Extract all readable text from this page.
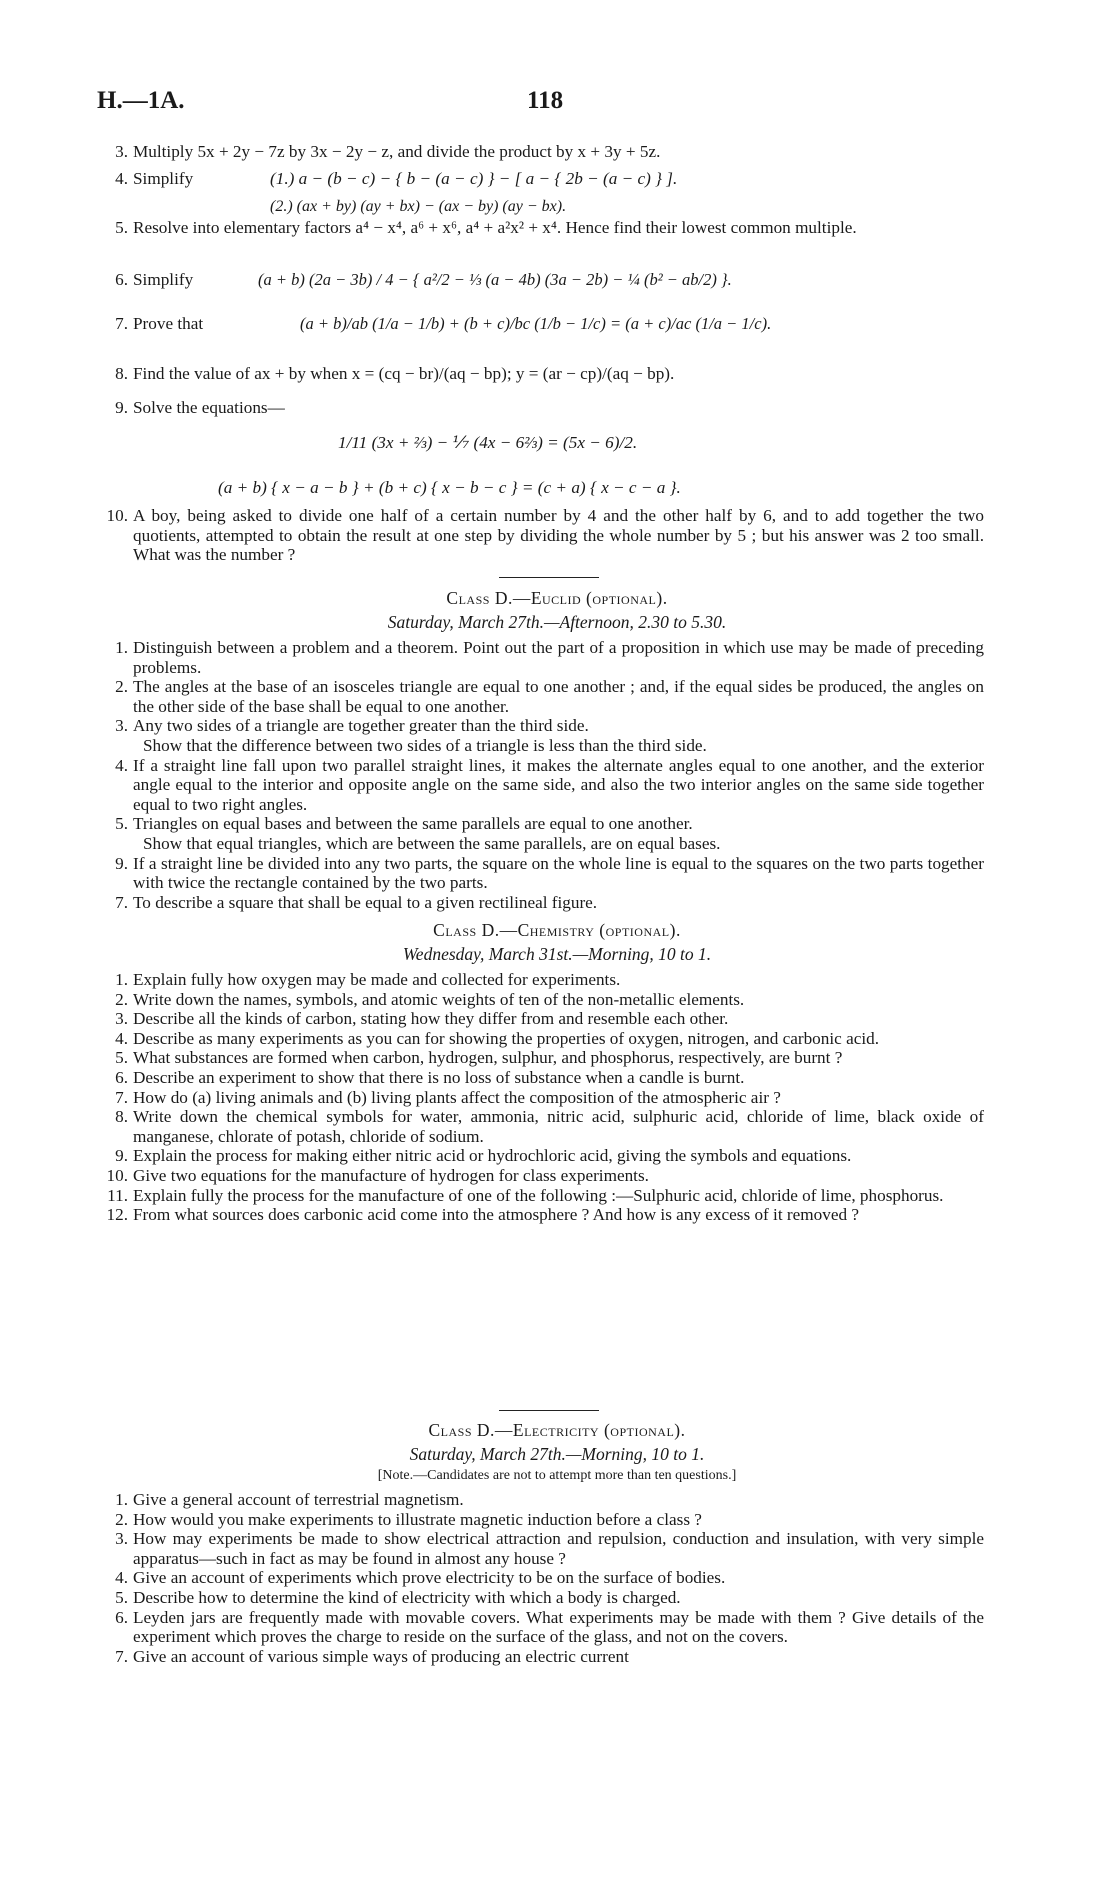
H.—1A.	118
3. Multiply 5x + 2y − 7z by 3x − 2y − z, and divide the product by x + 3y + 5z.
4. Simplify	(1.) a − (b − c) − { b − (a − c) } − [ a − { 2b − (a − c) } ].
(2.) (ax + by) (ay + bx) − (ax − by) (ay − bx).
5. Resolve into elementary factors a⁴ − x⁴, a⁶ + x⁶, a⁴ + a²x² + x⁴. Hence find their lowest common multiple.
6. Simplify	(a + b) (2a − 3b) / 4 − { a²/2 − ⅓ (a − 4b) (3a − 2b) − ¼ (b² − ab/2) }.
7. Prove that	(a + b)/ab (1/a − 1/b) + (b + c)/bc (1/b − 1/c) = (a + c)/ac (1/a − 1/c).
8. Find the value of ax + by when x = (cq − br)/(aq − bp); y = (ar − cp)/(aq − bp).
9. Solve the equations—
1/11 (3x + ⅔) − ⅐ (4x − 6⅔) = (5x − 6)/2.
(a + b) { x − a − b } + (b + c) { x − b − c } = (c + a) { x − c − a }.
10. A boy, being asked to divide one half of a certain number by 4 and the other half by 6, and to add together the two quotients, attempted to obtain the result at one step by dividing the whole number by 5 ; but his answer was 2 too small. What was the number ?
Class D.—Euclid (optional).
Saturday, March 27th.—Afternoon, 2.30 to 5.30.
1. Distinguish between a problem and a theorem. Point out the part of a proposition in which use may be made of preceding problems.
2. The angles at the base of an isosceles triangle are equal to one another ; and, if the equal sides be produced, the angles on the other side of the base shall be equal to one another.
3. Any two sides of a triangle are together greater than the third side.
Show that the difference between two sides of a triangle is less than the third side.
4. If a straight line fall upon two parallel straight lines, it makes the alternate angles equal to one another, and the exterior angle equal to the interior and opposite angle on the same side, and also the two interior angles on the same side together equal to two right angles.
5. Triangles on equal bases and between the same parallels are equal to one another.
Show that equal triangles, which are between the same parallels, are on equal bases.
9. If a straight line be divided into any two parts, the square on the whole line is equal to the squares on the two parts together with twice the rectangle contained by the two parts.
7. To describe a square that shall be equal to a given rectilineal figure.
Class D.—Chemistry (optional).
Wednesday, March 31st.—Morning, 10 to 1.
1. Explain fully how oxygen may be made and collected for experiments.
2. Write down the names, symbols, and atomic weights of ten of the non-metallic elements.
3. Describe all the kinds of carbon, stating how they differ from and resemble each other.
4. Describe as many experiments as you can for showing the properties of oxygen, nitrogen, and carbonic acid.
5. What substances are formed when carbon, hydrogen, sulphur, and phosphorus, respectively, are burnt ?
6. Describe an experiment to show that there is no loss of substance when a candle is burnt.
7. How do (a) living animals and (b) living plants affect the composition of the atmospheric air ?
8. Write down the chemical symbols for water, ammonia, nitric acid, sulphuric acid, chloride of lime, black oxide of manganese, chlorate of potash, chloride of sodium.
9. Explain the process for making either nitric acid or hydrochloric acid, giving the symbols and equations.
10. Give two equations for the manufacture of hydrogen for class experiments.
11. Explain fully the process for the manufacture of one of the following :—Sulphuric acid, chloride of lime, phosphorus.
12. From what sources does carbonic acid come into the atmosphere ? And how is any excess of it removed ?
Class D.—Electricity (optional).
Saturday, March 27th.—Morning, 10 to 1.
[Note.—Candidates are not to attempt more than ten questions.]
1. Give a general account of terrestrial magnetism.
2. How would you make experiments to illustrate magnetic induction before a class ?
3. How may experiments be made to show electrical attraction and repulsion, conduction and insulation, with very simple apparatus—such in fact as may be found in almost any house ?
4. Give an account of experiments which prove electricity to be on the surface of bodies.
5. Describe how to determine the kind of electricity with which a body is charged.
6. Leyden jars are frequently made with movable covers. What experiments may be made with them ? Give details of the experiment which proves the charge to reside on the surface of the glass, and not on the covers.
7. Give an account of various simple ways of producing an electric current
